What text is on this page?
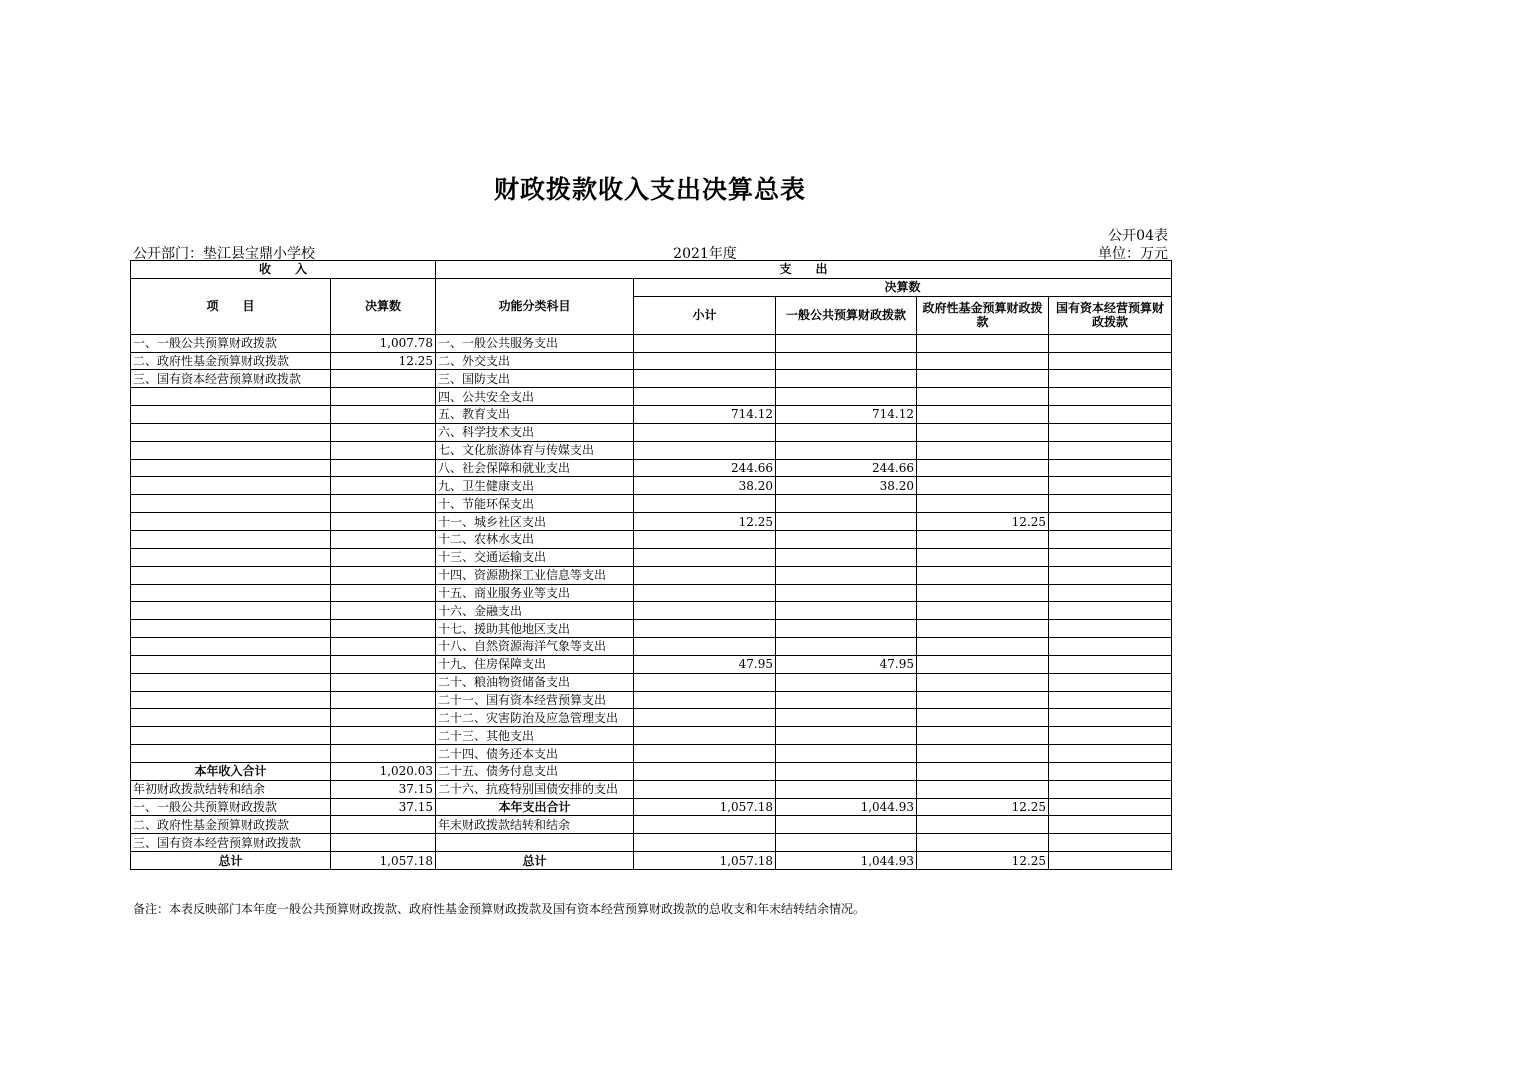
财政拨款收入支出决算总表
公开04表
公开部门：垫江县宝鼎小学校	2021年度	单位：万元
收　　入		支　　出				
项　　目	决算数	功能分类科目	决算数			
			小计	一般公共预算财政拨款	政府性基金预算财政拨款	国有资本经营预算财政拨款
一、一般公共预算财政拨款	1,007.78	一、一般公共服务支出				
二、政府性基金预算财政拨款	12.25	二、外交支出				
三、国有资本经营预算财政拨款		三、国防支出				
		四、公共安全支出				
		五、教育支出	714.12	714.12		
		六、科学技术支出				
		七、文化旅游体育与传媒支出				
		八、社会保障和就业支出	244.66	244.66		
		九、卫生健康支出	38.20	38.20		
		十、节能环保支出				
		十一、城乡社区支出	12.25		12.25	
		十二、农林水支出				
		十三、交通运输支出				
		十四、资源勘探工业信息等支出				
		十五、商业服务业等支出				
		十六、金融支出				
		十七、援助其他地区支出				
		十八、自然资源海洋气象等支出				
		十九、住房保障支出	47.95	47.95		
		二十、粮油物资储备支出				
		二十一、国有资本经营预算支出				
		二十二、灾害防治及应急管理支出				
		二十三、其他支出				
		二十四、债务还本支出				
本年收入合计	1,020.03	二十五、债务付息支出				
年初财政拨款结转和结余	37.15	二十六、抗疫特别国债安排的支出				
一、一般公共预算财政拨款	37.15	本年支出合计	1,057.18	1,044.93	12.25	
二、政府性基金预算财政拨款		年末财政拨款结转和结余				
三、国有资本经营预算财政拨款						
总计	1,057.18	总计	1,057.18	1,044.93	12.25	
备注：本表反映部门本年度一般公共预算财政拨款、政府性基金预算财政拨款及国有资本经营预算财政拨款的总收支和年末结转结余情况。
